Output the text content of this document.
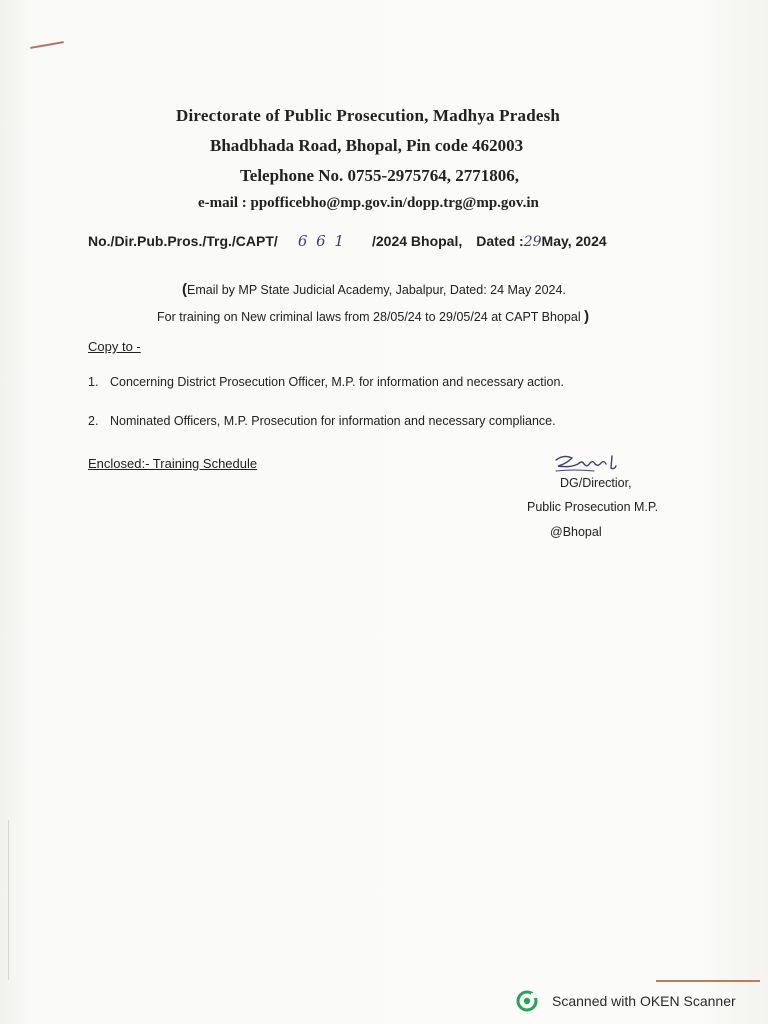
Directorate of Public Prosecution, Madhya Pradesh
Bhadbhada Road, Bhopal, Pin code 462003
Telephone No. 0755-2975764, 2771806,
e-mail : ppofficebho@mp.gov.in/dopp.trg@mp.gov.in
No./Dir.Pub.Pros./Trg./CAPT/ 6 6 1 /2024 Bhopal, Dated :29May, 2024
(Email by MP State Judicial Academy, Jabalpur, Dated: 24 May 2024.
For training on New criminal laws from 28/05/24 to 29/05/24 at CAPT Bhopal )
Copy to -
1. Concerning District Prosecution Officer, M.P. for information and necessary action.
2. Nominated Officers, M.P. Prosecution for information and necessary compliance.
Enclosed:- Training Schedule
DG/Directior,
Public Prosecution M.P.
@Bhopal
Scanned with OKEN Scanner
